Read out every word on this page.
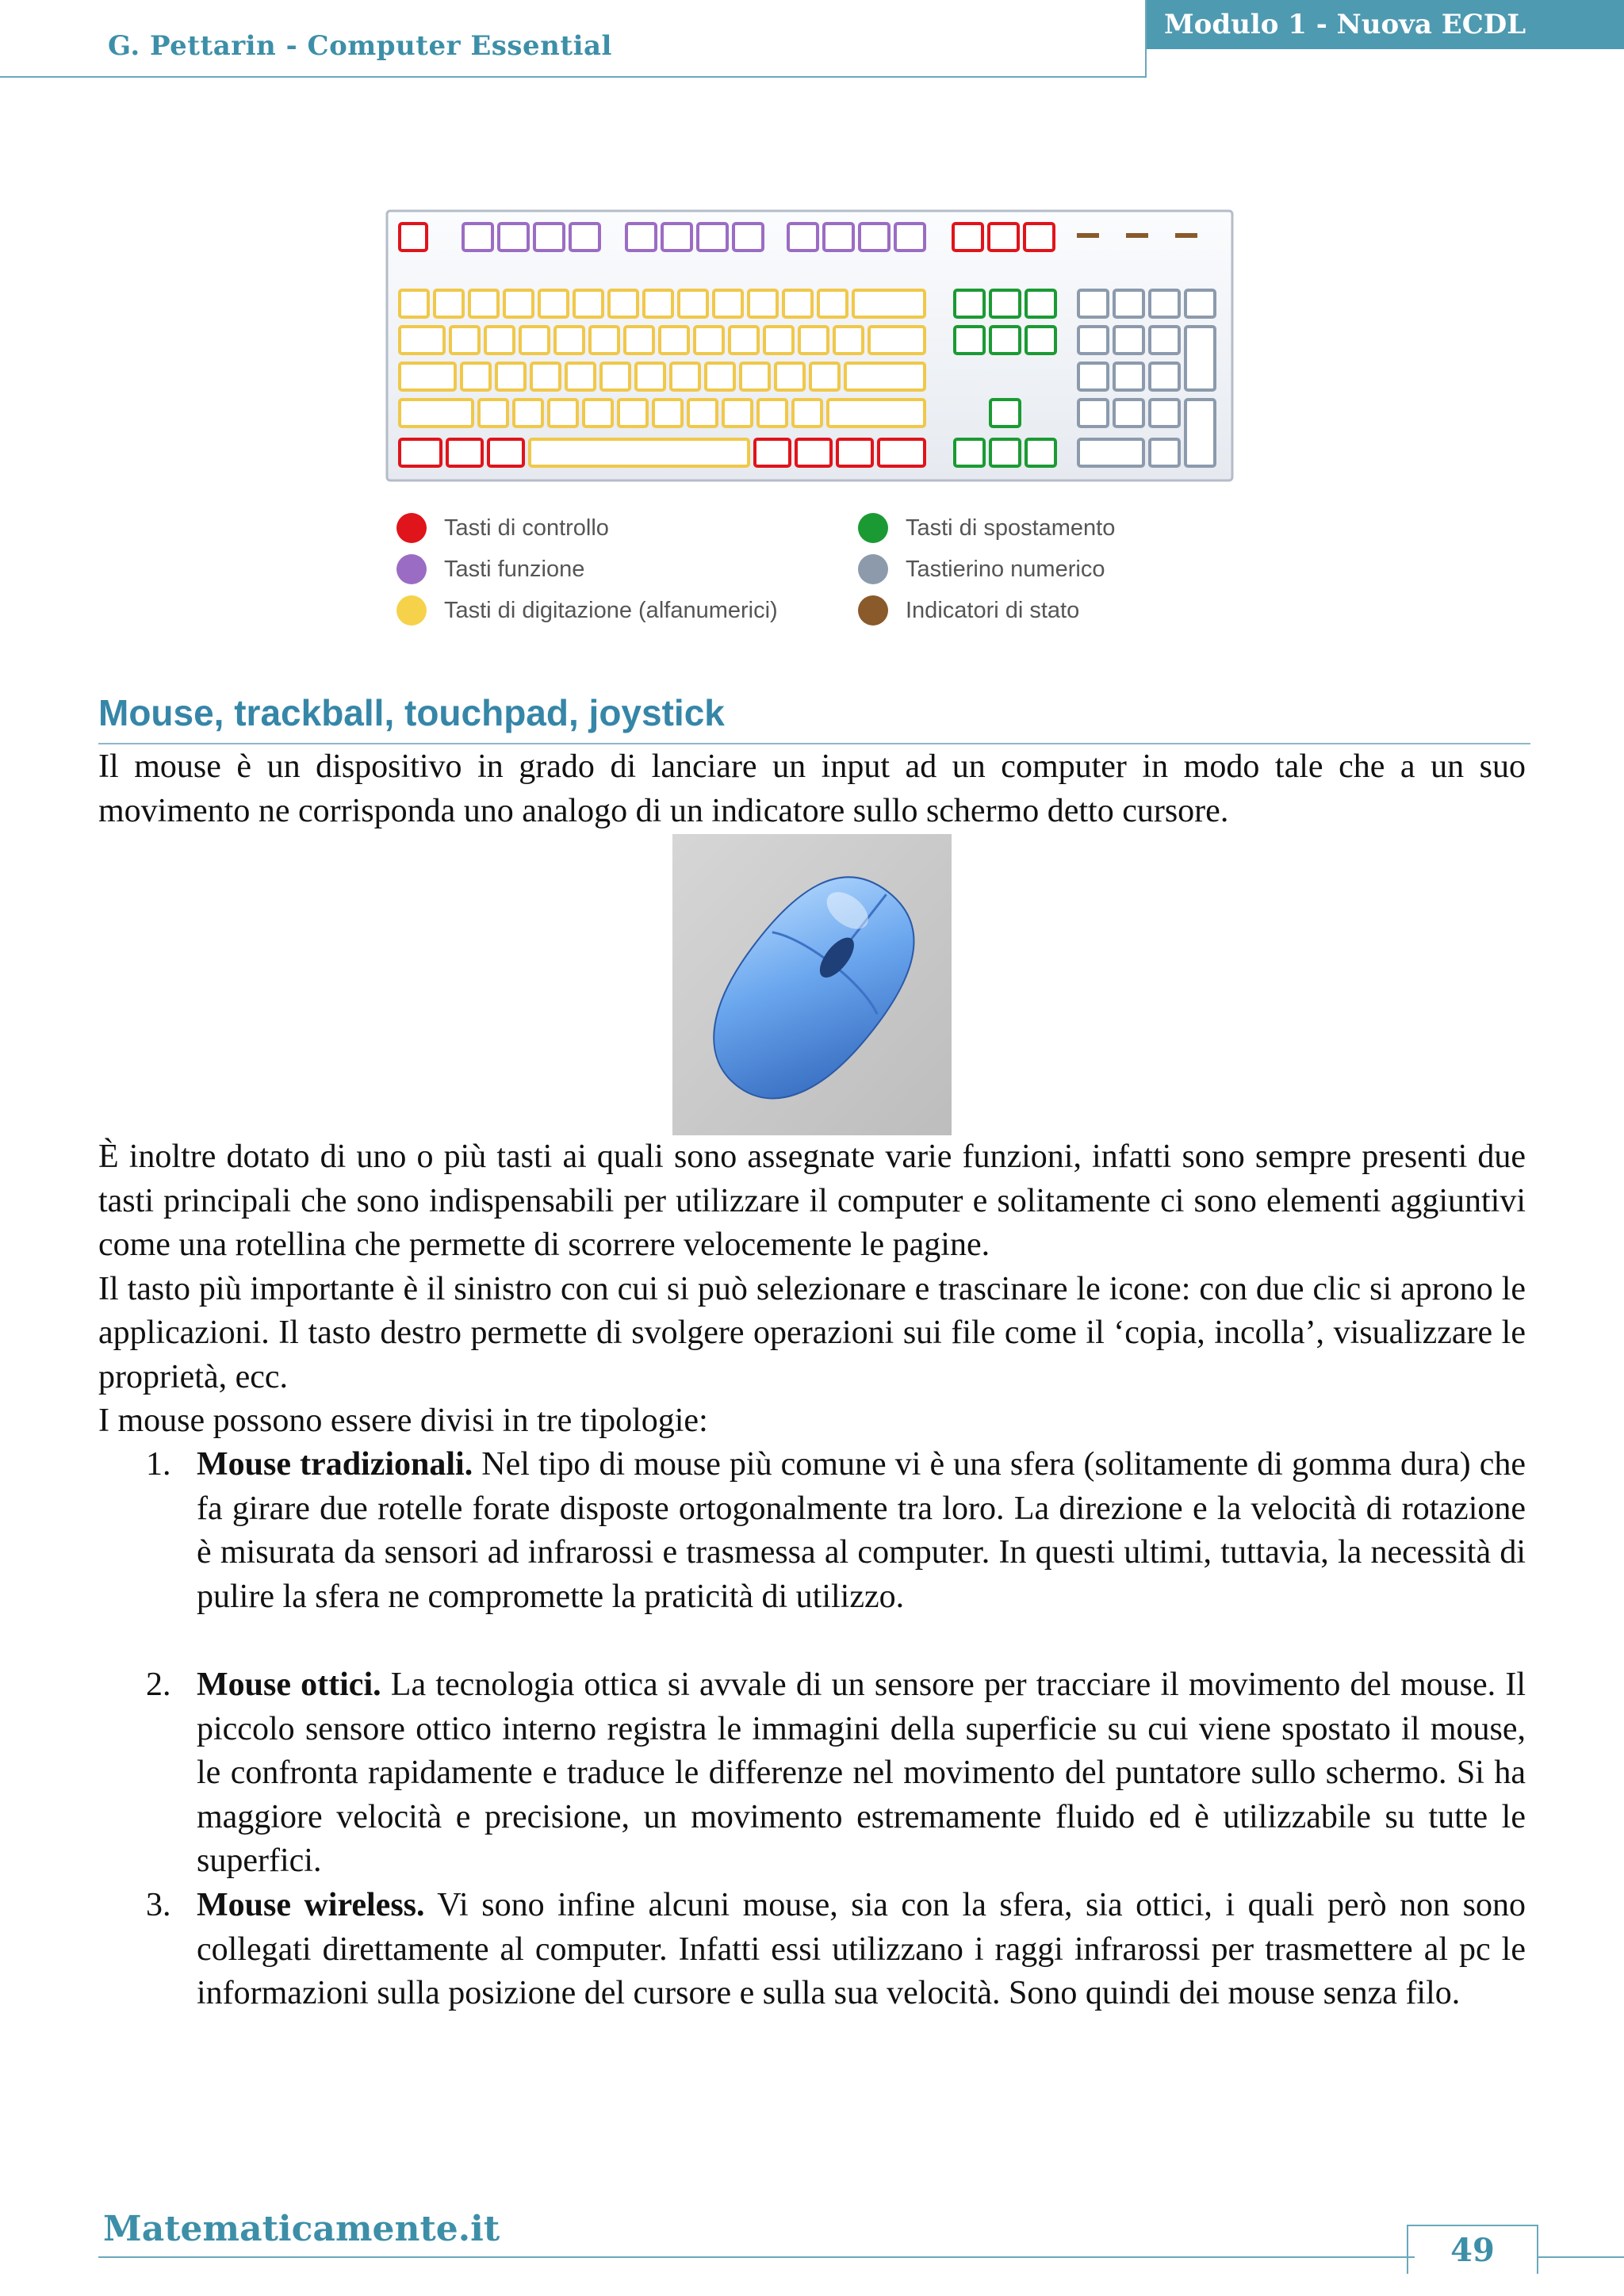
G. Pettarin - Computer Essential
Modulo 1 - Nuova ECDL
Tasti di controllo
Tasti funzione
Tasti di digitazione (alfanumerici)
Tasti di spostamento
Tastierino numerico
Indicatori di stato
Mouse, trackball, touchpad, joystick
Il mouse è un dispositivo in grado di lanciare un input ad un computer in modo tale che a un suo movimento ne corrisponda uno analogo di un indicatore sullo schermo detto cursore.
È inoltre dotato di uno o più tasti ai quali sono assegnate varie funzioni, infatti sono sempre presenti due tasti principali che sono indispensabili per utilizzare il computer e solitamente ci sono elementi aggiuntivi come una rotellina che permette di scorrere velocemente le pagine.
Il tasto più importante è il sinistro con cui si può selezionare e trascinare le icone: con due clic si aprono le applicazioni. Il tasto destro permette di svolgere operazioni sui file come il ‘copia, incolla’, visualizzare le proprietà, ecc.
I mouse possono essere divisi in tre tipologie:
1. Mouse tradizionali. Nel tipo di mouse più comune vi è una sfera (solitamente di gomma dura) che fa girare due rotelle forate disposte ortogonalmente tra loro. La direzione e la velocità di rotazione è misurata da sensori ad infrarossi e trasmessa al computer. In questi ultimi, tuttavia, la necessità di pulire la sfera ne compromette la praticità di utilizzo.
2. Mouse ottici. La tecnologia ottica si avvale di un sensore per tracciare il movimento del mouse. Il piccolo sensore ottico interno registra le immagini della superficie su cui viene spostato il mouse, le confronta rapidamente e traduce le differenze nel movimento del puntatore sullo schermo. Si ha maggiore velocità e precisione, un movimento estremamente fluido ed è utilizzabile su tutte le superfici.
3. Mouse wireless. Vi sono infine alcuni mouse, sia con la sfera, sia ottici, i quali però non sono collegati direttamente al computer. Infatti essi utilizzano i raggi infrarossi per trasmettere al pc le informazioni sulla posizione del cursore e sulla sua velocità. Sono quindi dei mouse senza filo.
Matematicamente.it
49
